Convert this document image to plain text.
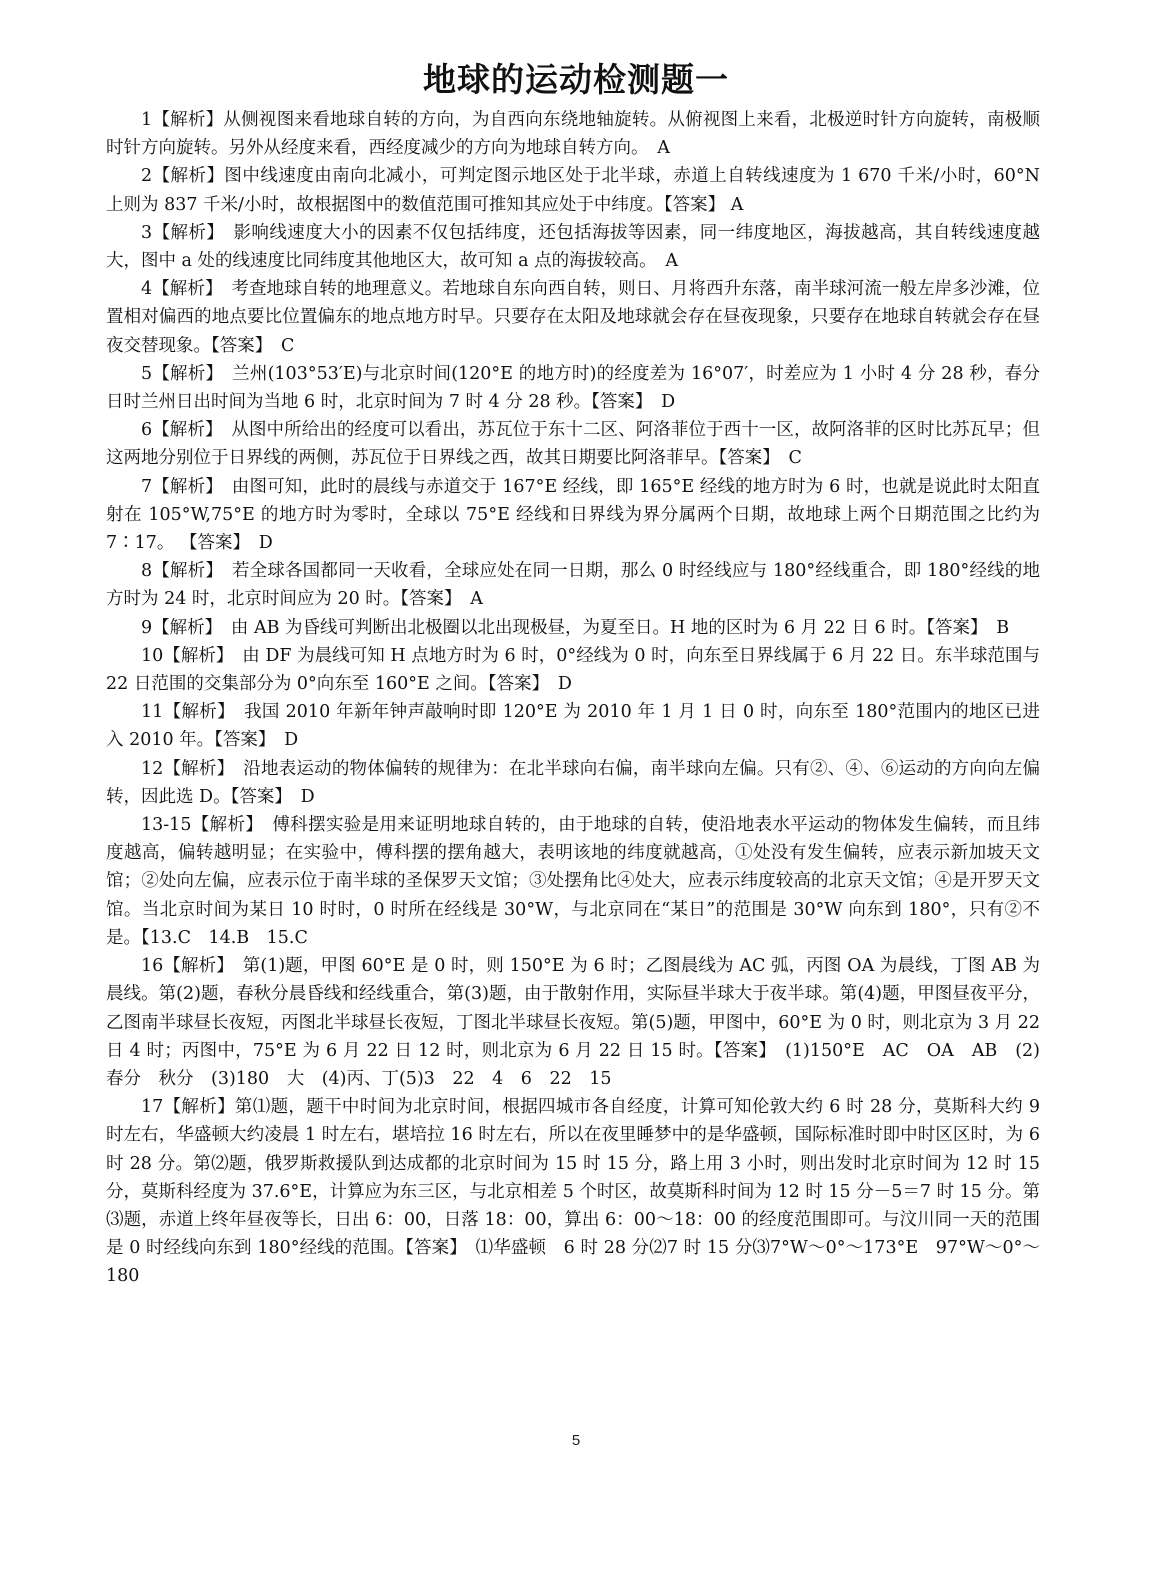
地球的运动检测题一

1【解析】从侧视图来看地球自转的方向，为自西向东绕地轴旋转。从俯视图上来看，北极逆时针方向旋转，南极顺时针方向旋转。另外从经度来看，西经度减少的方向为地球自转方向。　A

2【解析】图中线速度由南向北减小，可判定图示地区处于北半球，赤道上自转线速度为 1 670 千米/小时，60°N 上则为 837 千米/小时，故根据图中的数值范围可推知其应处于中纬度。【答案】 A

3【解析】　影响线速度大小的因素不仅包括纬度，还包括海拔等因素，同一纬度地区，海拔越高，其自转线速度越大，图中 a 处的线速度比同纬度其他地区大，故可知 a 点的海拔较高。　A

4【解析】　考查地球自转的地理意义。若地球自东向西自转，则日、月将西升东落，南半球河流一般左岸多沙滩，位置相对偏西的地点要比位置偏东的地点地方时早。只要存在太阳及地球就会存在昼夜现象，只要存在地球自转就会存在昼夜交替现象。【答案】　C

5【解析】　兰州(103°53′E)与北京时间(120°E 的地方时)的经度差为 16°07′，时差应为 1 小时 4 分 28 秒，春分日时兰州日出时间为当地 6 时，北京时间为 7 时 4 分 28 秒。【答案】　D

6【解析】　从图中所给出的经度可以看出，苏瓦位于东十二区、阿洛菲位于西十一区，故阿洛菲的区时比苏瓦早；但这两地分别位于日界线的两侧，苏瓦位于日界线之西，故其日期要比阿洛菲早。【答案】　C

7【解析】　由图可知，此时的晨线与赤道交于 167°E 经线，即 165°E 经线的地方时为 6 时，也就是说此时太阳直射在 105°W,75°E 的地方时为零时，全球以 75°E 经线和日界线为界分属两个日期，故地球上两个日期范围之比约为 7∶17。 【答案】　D

8【解析】　若全球各国都同一天收看，全球应处在同一日期，那么 0 时经线应与 180°经线重合，即 180°经线的地方时为 24 时，北京时间应为 20 时。【答案】　A

9【解析】　由 AB 为昏线可判断出北极圈以北出现极昼，为夏至日。H 地的区时为 6 月 22 日 6 时。【答案】　B

10【解析】　由 DF 为晨线可知 H 点地方时为 6 时，0°经线为 0 时，向东至日界线属于 6 月 22 日。东半球范围与 22 日范围的交集部分为 0°向东至 160°E 之间。【答案】　D

11【解析】　我国 2010 年新年钟声敲响时即 120°E 为 2010 年 1 月 1 日 0 时，向东至 180°范围内的地区已进入 2010 年。【答案】　D

12【解析】　沿地表运动的物体偏转的规律为：在北半球向右偏，南半球向左偏。只有②、④、⑥运动的方向向左偏转，因此选 D。【答案】　D

13-15【解析】　傅科摆实验是用来证明地球自转的，由于地球的自转，使沿地表水平运动的物体发生偏转，而且纬度越高，偏转越明显；在实验中，傅科摆的摆角越大，表明该地的纬度就越高，①处没有发生偏转，应表示新加坡天文馆；②处向左偏，应表示位于南半球的圣保罗天文馆；③处摆角比④处大，应表示纬度较高的北京天文馆；④是开罗天文馆。当北京时间为某日 10 时时，0 时所在经线是 30°W，与北京同在“某日”的范围是 30°W 向东到 180°，只有②不是。【13.C　14.B　15.C

16【解析】　第(1)题，甲图 60°E 是 0 时，则 150°E 为 6 时；乙图晨线为 AC 弧，丙图 OA 为晨线，丁图 AB 为晨线。第(2)题，春秋分晨昏线和经线重合，第(3)题，由于散射作用，实际昼半球大于夜半球。第(4)题，甲图昼夜平分，乙图南半球昼长夜短，丙图北半球昼长夜短，丁图北半球昼长夜短。第(5)题，甲图中，60°E 为 0 时，则北京为 3 月 22 日 4 时；丙图中，75°E 为 6 月 22 日 12 时，则北京为 6 月 22 日 15 时。【答案】　(1)150°E　AC　OA　AB　(2)春分　秋分　(3)180　大　(4)丙、丁(5)3　22　4　6　22　15

17【解析】第⑴题，题干中时间为北京时间，根据四城市各自经度，计算可知伦敦大约 6 时 28 分，莫斯科大约 9 时左右，华盛顿大约凌晨 1 时左右，堪培拉 16 时左右，所以在夜里睡梦中的是华盛顿，国际标准时即中时区区时，为 6 时 28 分。第⑵题，俄罗斯救援队到达成都的北京时间为 15 时 15 分，路上用 3 小时，则出发时北京时间为 12 时 15 分，莫斯科经度为 37.6°E，计算应为东三区，与北京相差 5 个时区，故莫斯科时间为 12 时 15 分－5＝7 时 15 分。第⑶题，赤道上终年昼夜等长，日出 6：00，日落 18：00，算出 6：00～18：00 的经度范围即可。与汶川同一天的范围是 0 时经线向东到 180°经线的范围。【答案】　⑴华盛顿　6 时 28 分⑵7 时 15 分⑶7°W～0°～173°E　97°W～0°～180

5
